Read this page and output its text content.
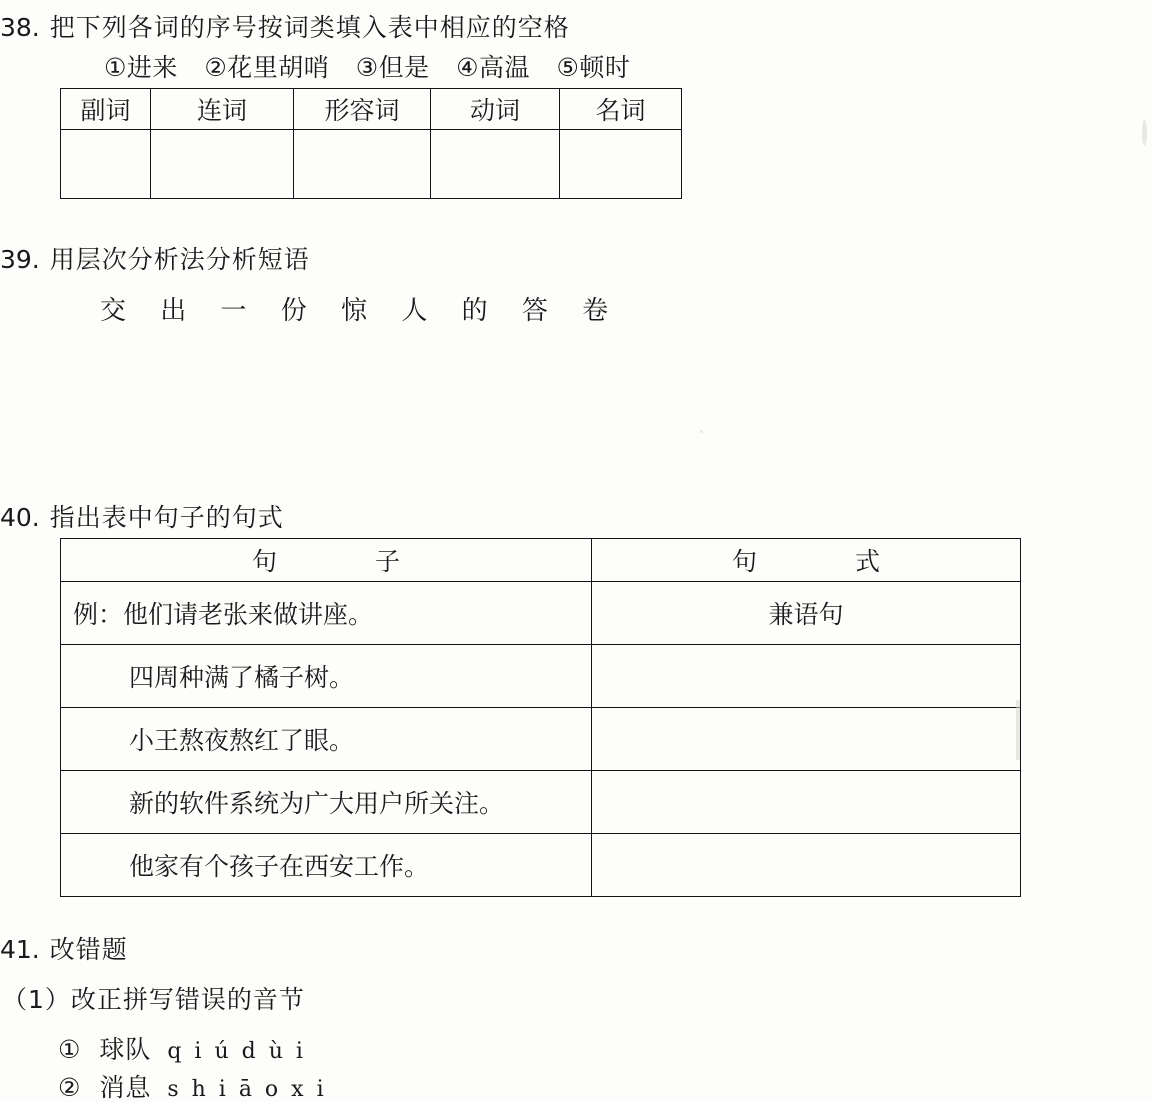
38. 把下列各词的序号按词类填入表中相应的空格
①进来 ②花里胡哨 ③但是 ④高温 ⑤顿时
副词	连词	形容词	动词	名词

39. 用层次分析法分析短语
交 出 一 份 惊 人 的 答 卷
40. 指出表中句子的句式
句　　子	句　　式
例：他们请老张来做讲座。	兼语句
四周种满了橘子树。	
小王熬夜熬红了眼。	
新的软件系统为广大用户所关注。	
他家有个孩子在西安工作。	
41. 改错题
（1）改正拼写错误的音节
① 球队 q i ú d ù i
② 消息 s h i ā o x i
